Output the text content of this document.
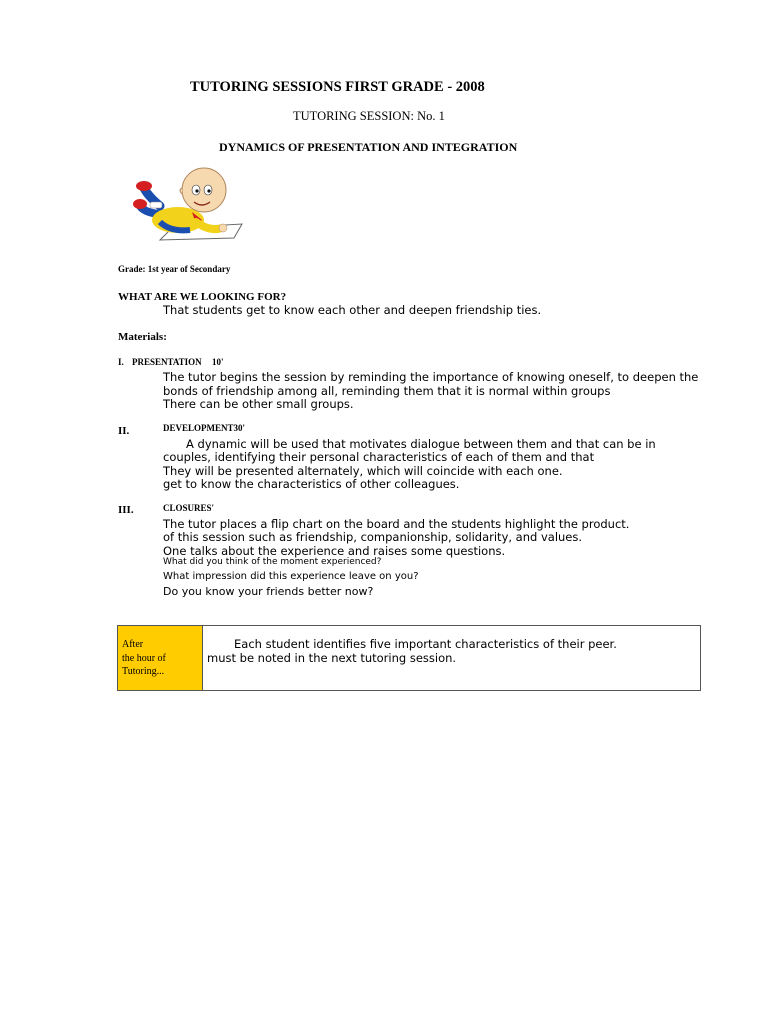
TUTORING SESSIONS FIRST GRADE - 2008
TUTORING SESSION: No. 1
DYNAMICS OF PRESENTATION AND INTEGRATION
Grade: 1st year of Secondary
WHAT ARE WE LOOKING FOR?
That students get to know each other and deepen friendship ties.
Materials:
I. PRESENTATION 10'
The tutor begins the session by reminding the importance of knowing oneself, to deepen the
bonds of friendship among all, reminding them that it is normal within groups
There can be other small groups.
II.	DEVELOPMENT30'
A dynamic will be used that motivates dialogue between them and that can be in
couples, identifying their personal characteristics of each of them and that
They will be presented alternately, which will coincide with each one.
get to know the characteristics of other colleagues.
III.	CLOSURES'
The tutor places a flip chart on the board and the students highlight the product.
of this session such as friendship, companionship, solidarity, and values.
One talks about the experience and raises some questions.
What did you think of the moment experienced?
What impression did this experience leave on you?
Do you know your friends better now?
After
the hour of
Tutoring...
Each student identifies five important characteristics of their peer.
must be noted in the next tutoring session.
